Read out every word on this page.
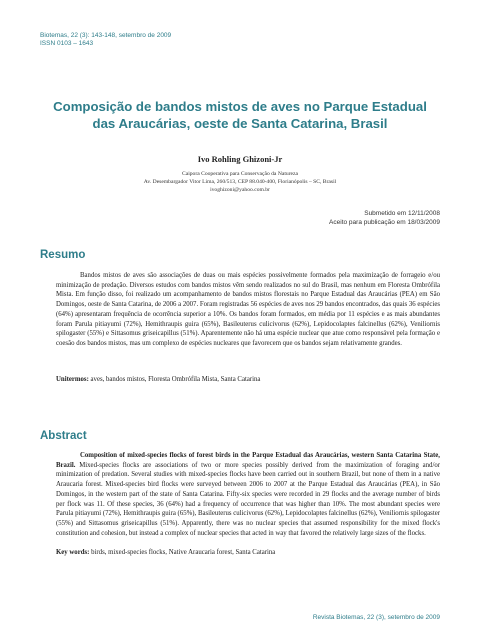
Biotemas, 22 (3): 143-148, setembro de 2009
ISSN 0103 – 1643
Composição de bandos mistos de aves no Parque Estadual das Araucárias, oeste de Santa Catarina, Brasil
Ivo Rohling Ghizoni-Jr
Caipora Cooperativa para Conservação da Natureza
Av. Desembargador Vitor Lima, 260/513, CEP 88.040-400, Florianópolis – SC, Brasil
ivoghizoni@yahoo.com.br
Submetido em 12/11/2008
Aceito para publicação em 18/03/2009
Resumo

Bandos mistos de aves são associações de duas ou mais espécies possivelmente formados pela maximização de forrageio e/ou minimização de predação. Diversos estudos com bandos mistos vêm sendo realizados no sul do Brasil, mas nenhum em Floresta Ombrófila Mista. Em função disso, foi realizado um acompanhamento de bandos mistos florestais no Parque Estadual das Araucárias (PEA) em São Domingos, oeste de Santa Catarina, de 2006 a 2007. Foram registradas 56 espécies de aves nos 29 bandos encontrados, das quais 36 espécies (64%) apresentaram frequência de ocorrência superior a 10%. Os bandos foram formados, em média por 11 espécies e as mais abundantes foram Parula pitiayumi (72%), Hemithraupis guira (65%), Basileuterus culicivorus (62%), Lepidocolaptes falcinellus (62%), Veniliornis spilogaster (55%) e Sittasomus griseicapillus (51%). Aparentemente não há uma espécie nuclear que atue como responsável pela formação e coesão dos bandos mistos, mas um complexo de espécies nucleares que favorecem que os bandos sejam relativamente grandes.

Unitermos: aves, bandos mistos, Floresta Ombrófila Mista, Santa Catarina

Abstract

Composition of mixed-species flocks of forest birds in the Parque Estadual das Araucárias, western Santa Catarina State, Brazil. Mixed-species flocks are associations of two or more species possibly derived from the maximization of foraging and/or minimization of predation. Several studies with mixed-species flocks have been carried out in southern Brazil, but none of them in a native Araucaria forest. Mixed-species bird flocks were surveyed between 2006 to 2007 at the Parque Estadual das Araucárias (PEA), in São Domingos, in the western part of the state of Santa Catarina. Fifty-six species were recorded in 29 flocks and the average number of birds per flock was 11. Of these species, 36 (64%) had a frequency of occurrence that was higher than 10%. The most abundant species were Parula pitiayumi (72%), Hemithraupis guira (65%), Basileuterus culicivorus (62%), Lepidocolaptes falcinellus (62%), Veniliornis spilogaster (55%) and Sittasomus griseicapillus (51%). Apparently, there was no nuclear species that assumed responsibility for the mixed flock's constitution and cohesion, but instead a complex of nuclear species that acted in way that favored the relatively large sizes of the flocks.

Key words: birds, mixed-species flocks, Native Araucaria forest, Santa Catarina

Revista Biotemas, 22 (3), setembro de 2009
